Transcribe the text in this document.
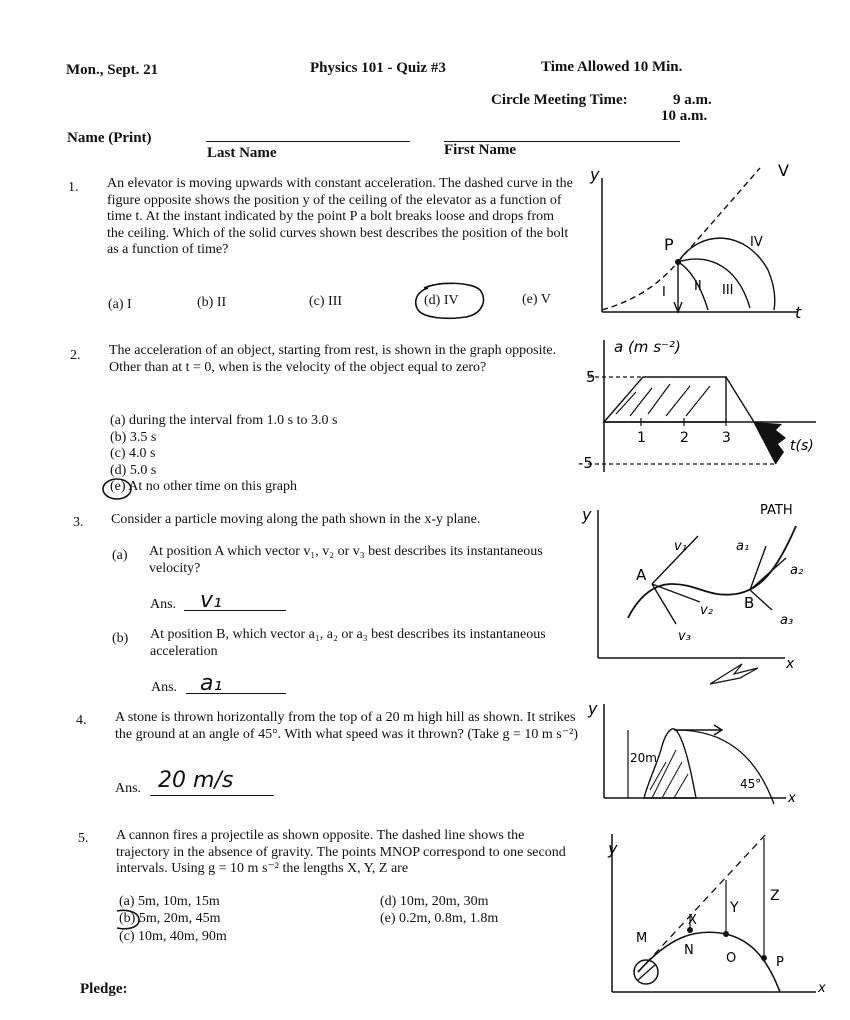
Mon., Sept. 21	Physics 101 - Quiz #3	Time Allowed 10 Min.
Circle Meeting Time:	9 a.m.
10 a.m.
Name (Print)
Last Name	First Name
1. An elevator is moving upwards with constant acceleration. The dashed curve in the figure opposite shows the position y of the ceiling of the elevator as a function of time t. At the instant indicated by the point P a bolt breaks loose and drops from the ceiling. Which of the solid curves shown best describes the position of the bolt as a function of time?
(a) I	(b) II	(c) III	(d) IV	(e) V
y
t
P
V
IV
I II III
2. The acceleration of an object, starting from rest, is shown in the graph opposite. Other than at t = 0, when is the velocity of the object equal to zero?
(a) during the interval from 1.0 s to 3.0 s
(b) 3.5 s
(c) 4.0 s
(d) 5.0 s
(e) At no other time on this graph
a (m s⁻²)
t(s)
5
-5
1 2 3
3. Consider a particle moving along the path shown in the x-y plane.
(a) At position A which vector v₁, v₂ or v₃ best describes its instantaneous velocity?
Ans. v₁
(b) At position B, which vector a₁, a₂ or a₃ best describes its instantaneous acceleration
Ans. a₁
y
x
PATH
A
B
v₁
v₂
v₃
a₁
a₂
a₃
4. A stone is thrown horizontally from the top of a 20 m high hill as shown. It strikes the ground at an angle of 45°. With what speed was it thrown? (Take g = 10 m s⁻²)
Ans. 20 m/s
y
x
20m
45°
5. A cannon fires a projectile as shown opposite. The dashed line shows the trajectory in the absence of gravity. The points MNOP correspond to one second intervals. Using g = 10 m s⁻² the lengths X, Y, Z are
(a) 5m, 10m, 15m
(b) 5m, 20m, 45m
(c) 10m, 40m, 90m
(d) 10m, 20m, 30m
(e) 0.2m, 0.8m, 1.8m
y
x
M
N
O	P
X
Y
Z
Pledge:
